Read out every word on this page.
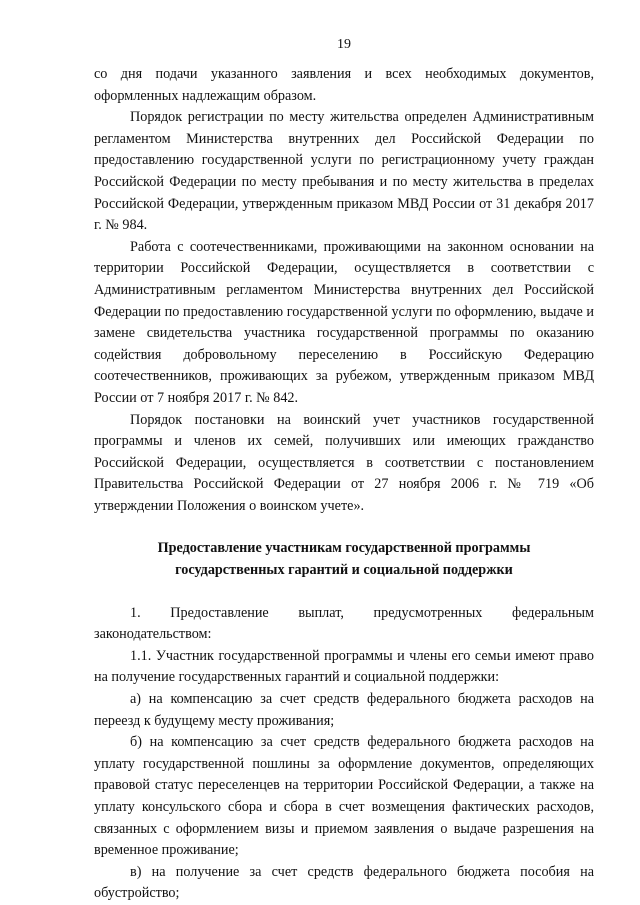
19

со дня подачи указанного заявления и всех необходимых документов, оформленных надлежащим образом.

Порядок регистрации по месту жительства определен Административным регламентом Министерства внутренних дел Российской Федерации по предоставлению государственной услуги по регистрационному учету граждан Российской Федерации по месту пребывания и по месту жительства в пределах Российской Федерации, утвержденным приказом МВД России от 31 декабря 2017 г. № 984.

Работа с соотечественниками, проживающими на законном основании на территории Российской Федерации, осуществляется в соответствии с Административным регламентом Министерства внутренних дел Российской Федерации по предоставлению государственной услуги по оформлению, выдаче и замене свидетельства участника государственной программы по оказанию содействия добровольному переселению в Российскую Федерацию соотечественников, проживающих за рубежом, утвержденным приказом МВД России от 7 ноября 2017 г. № 842.

Порядок постановки на воинский учет участников государственной программы и членов их семей, получивших или имеющих гражданство Российской Федерации, осуществляется в соответствии с постановлением Правительства Российской Федерации от 27 ноября 2006 г. № 719 «Об утверждении Положения о воинском учете».

Предоставление участникам государственной программы
государственных гарантий и социальной поддержки

1. Предоставление выплат, предусмотренных федеральным законодательством:

1.1. Участник государственной программы и члены его семьи имеют право на получение государственных гарантий и социальной поддержки:

а) на компенсацию за счет средств федерального бюджета расходов на переезд к будущему месту проживания;

б) на компенсацию за счет средств федерального бюджета расходов на уплату государственной пошлины за оформление документов, определяющих правовой статус переселенцев на территории Российской Федерации, а также на уплату консульского сбора и сбора в счет возмещения фактических расходов, связанных с оформлением визы и приемом заявления о выдаче разрешения на временное проживание;

в) на получение за счет средств федерального бюджета пособия на обустройство;
